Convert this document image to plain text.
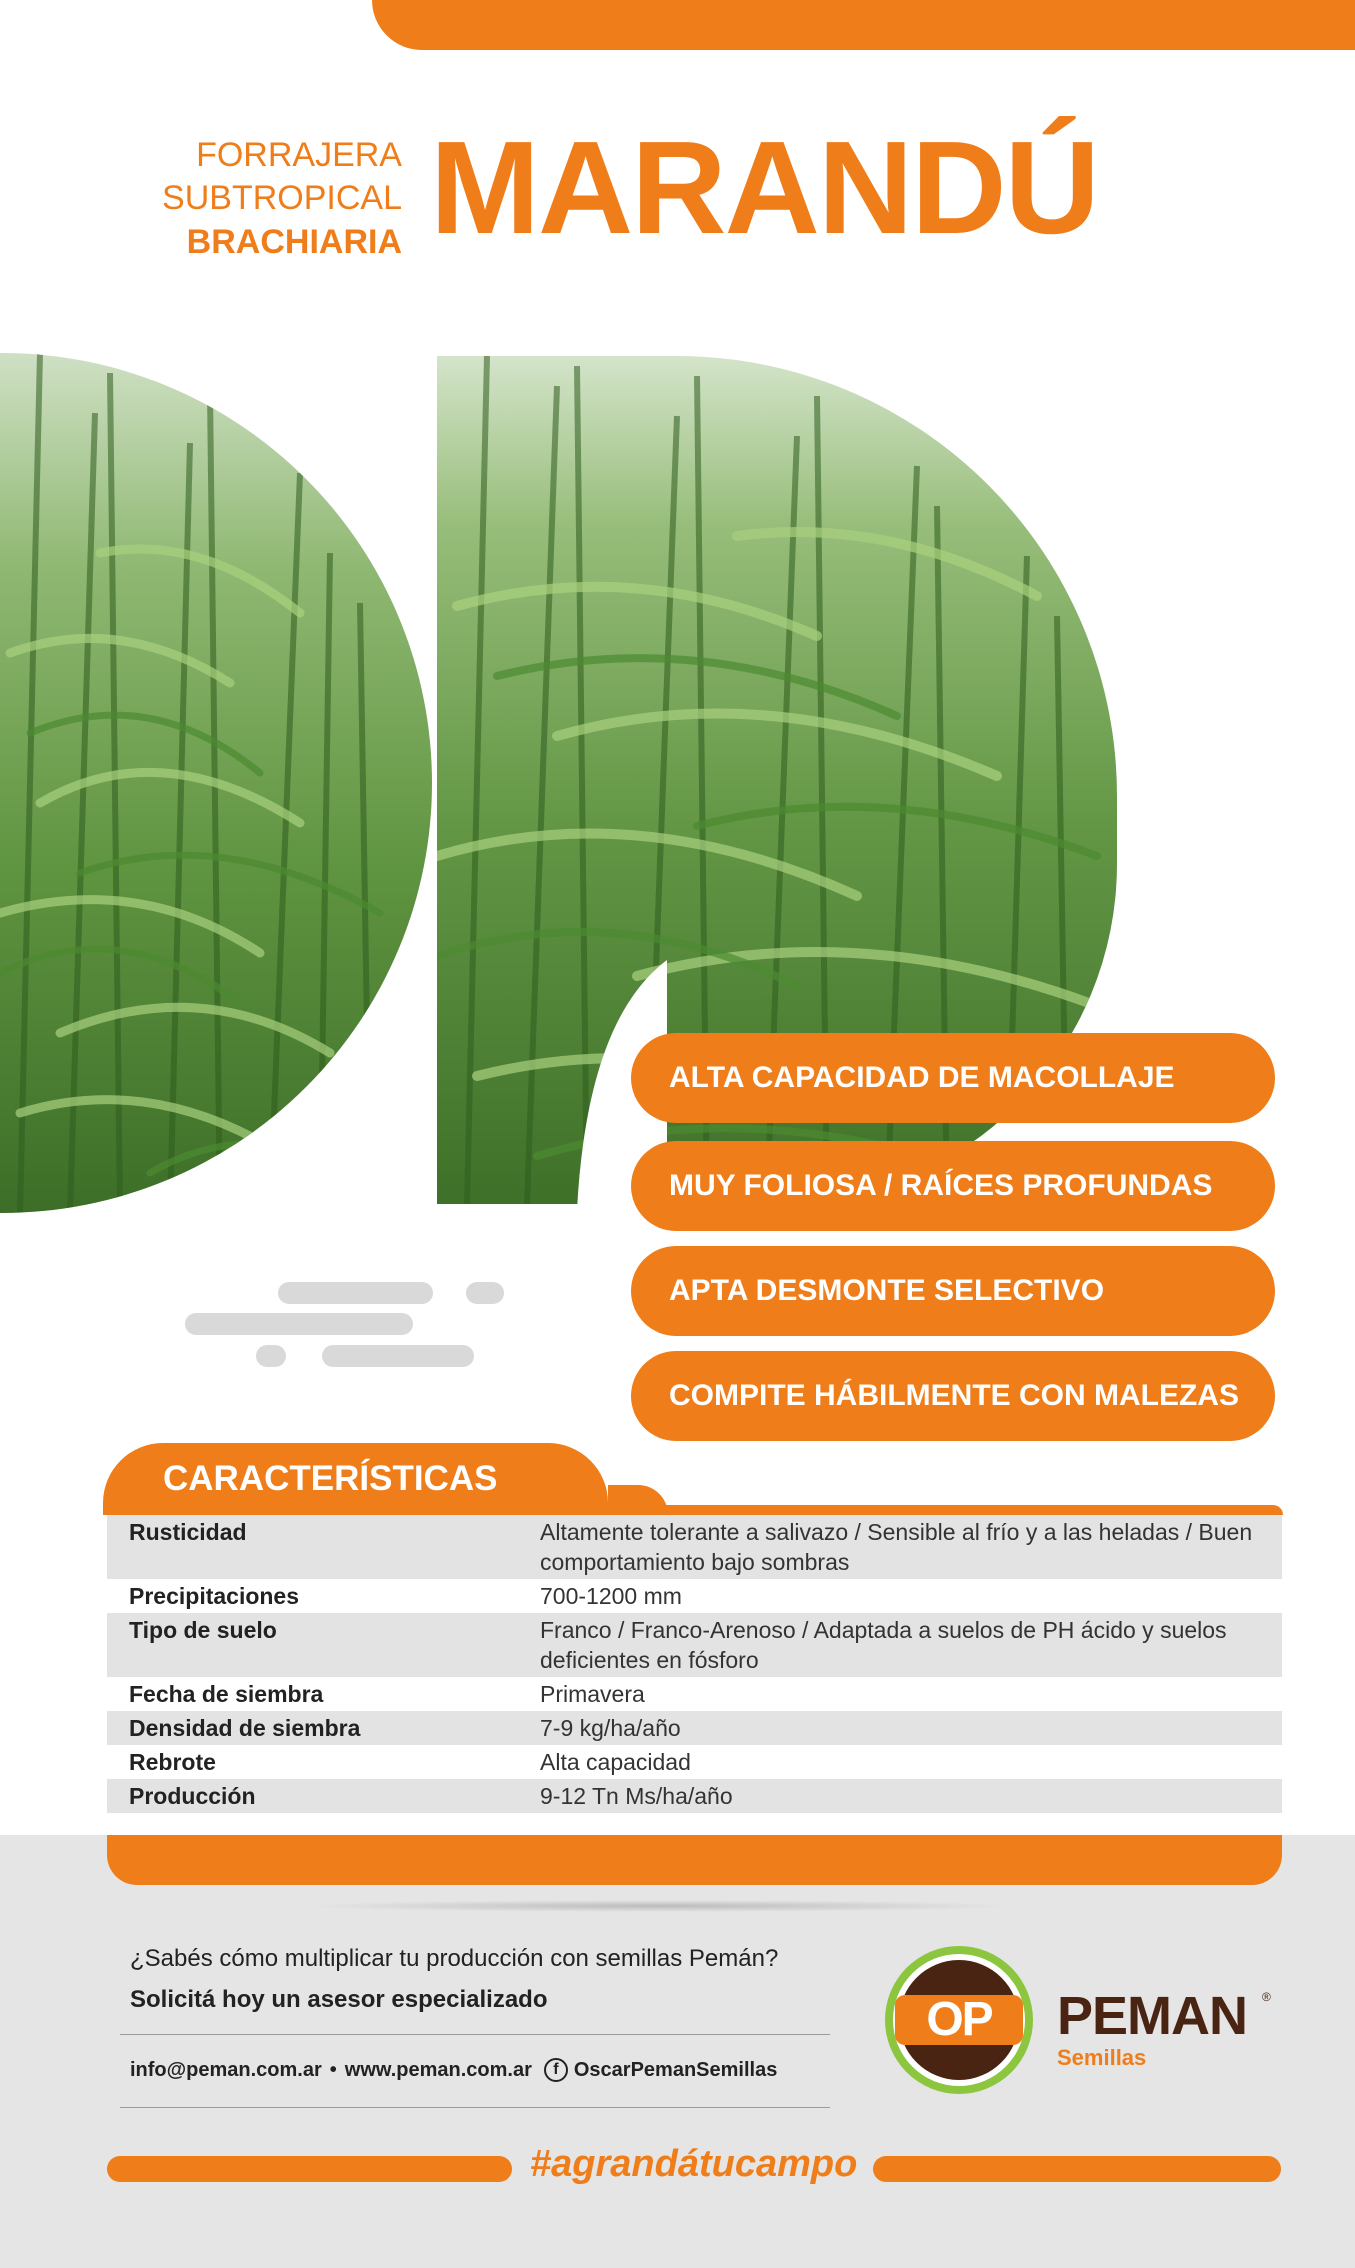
FORRAJERA
SUBTROPICAL
BRACHIARIA MARANDÚ
ALTA CAPACIDAD DE MACOLLAJE
MUY FOLIOSA / RAÍCES PROFUNDAS
APTA DESMONTE SELECTIVO
COMPITE HÁBILMENTE CON MALEZAS
CARACTERÍSTICAS
Rusticidad	Altamente tolerante a salivazo / Sensible al frío y a las heladas / Buen comportamiento bajo sombras
Precipitaciones	700-1200 mm
Tipo de suelo	Franco / Franco-Arenoso / Adaptada a suelos de PH ácido y suelos deficientes en fósforo
Fecha de siembra	Primavera
Densidad de siembra	7-9 kg/ha/año
Rebrote	Alta capacidad
Producción	9-12 Tn Ms/ha/año
¿Sabés cómo multiplicar tu producción con semillas Pemán?
Solicitá hoy un asesor especializado
info@peman.com.ar • www.peman.com.ar	f OscarPemanSemillas
OP	PEMAN ®
Semillas
#agrandátucampo
